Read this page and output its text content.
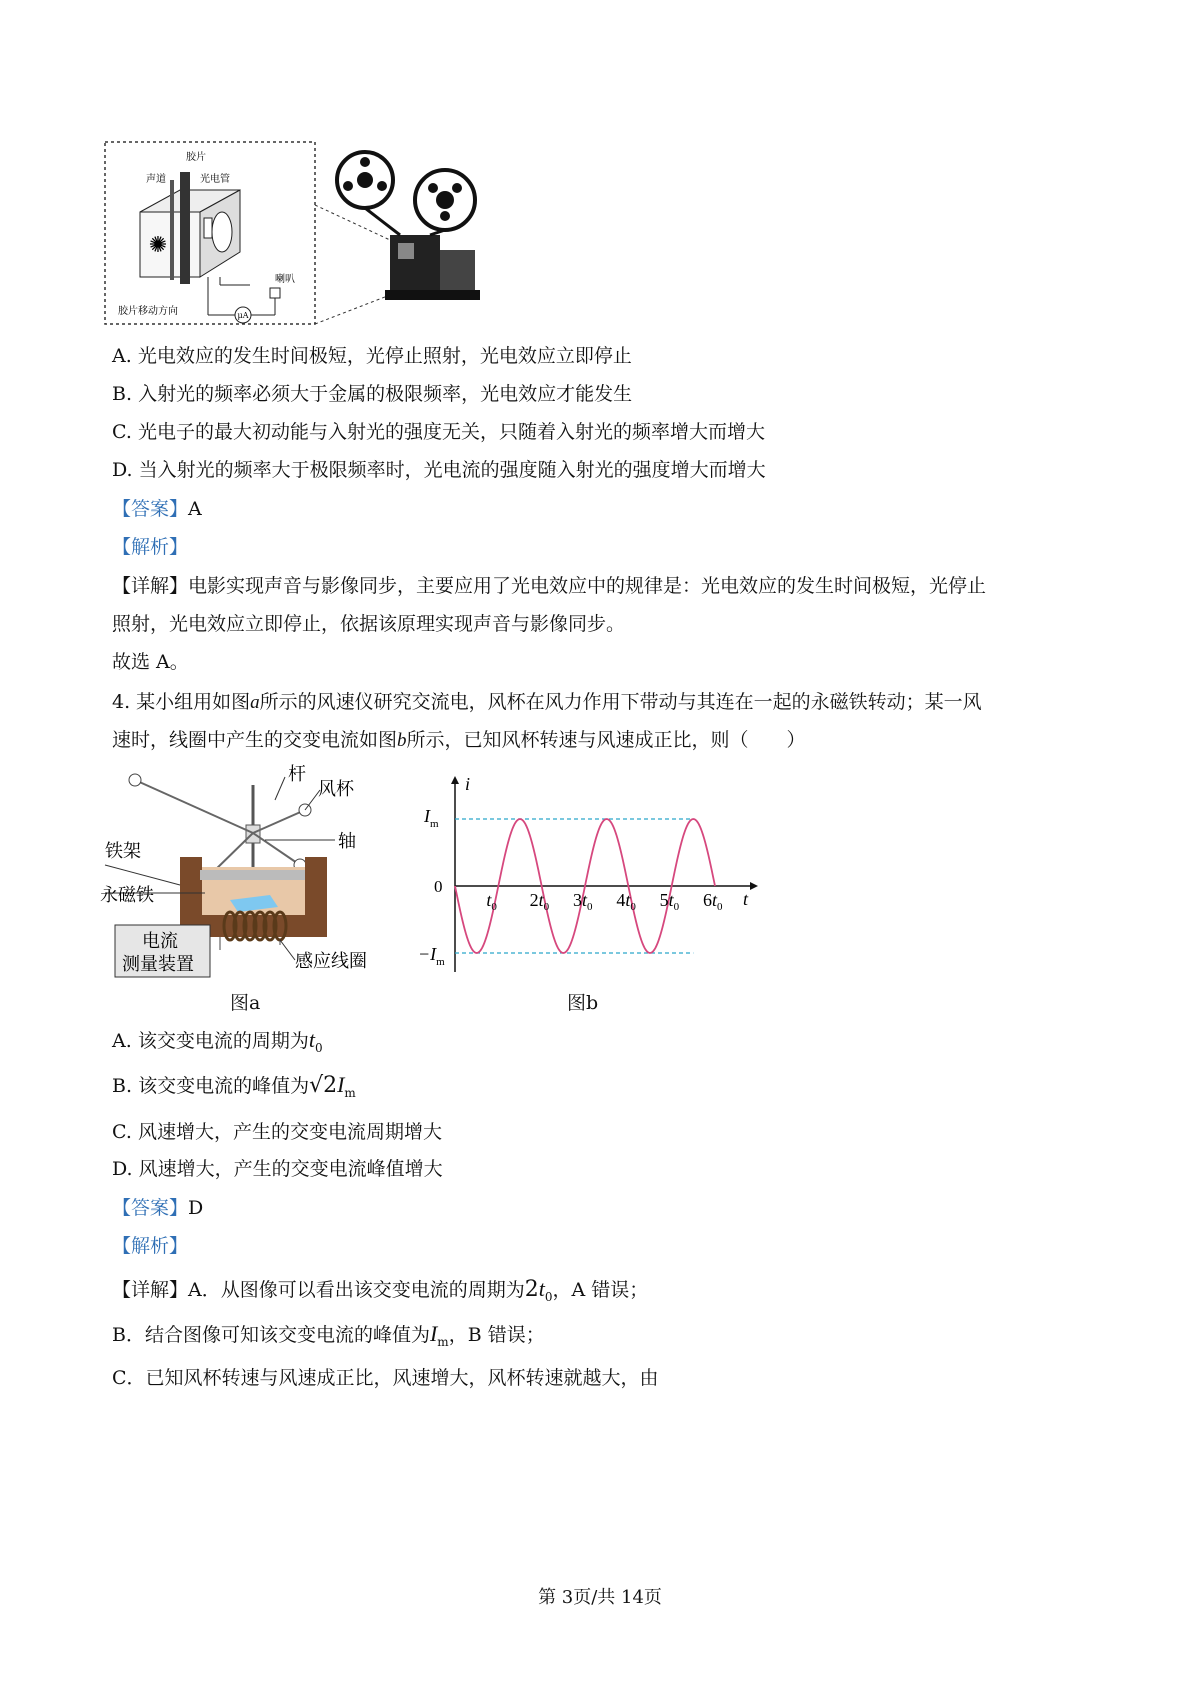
✺
声道
胶片
光电管
喇叭
μA
胶片移动方向
A. 光电效应的发生时间极短，光停止照射，光电效应立即停止
B. 入射光的频率必须大于金属的极限频率，光电效应才能发生
C. 光电子的最大初动能与入射光的强度无关，只随着入射光的频率增大而增大
D. 当入射光的频率大于极限频率时，光电流的强度随入射光的强度增大而增大
【答案】A
【解析】
【详解】电影实现声音与影像同步，主要应用了光电效应中的规律是：光电效应的发生时间极短，光停止
照射，光电效应立即停止，依据该原理实现声音与影像同步。
故选 A。
4. 某小组用如图a所示的风速仪研究交流电，风杯在风力作用下带动与其连在一起的永磁铁转动；某一风
速时，线圈中产生的交变电流如图b所示，已知风杯转速与风速成正比，则（　　）
杆
风杯
轴
铁架
永磁铁
电流
测量装置	感应线圈
图a
i
t
0
$I_m$
$-I_m$
$t_0$ $2t_0$ $3t_0$ $4t_0$ $5t_0$ $6t_0$
图b
A. 该交变电流的周期为$t_0$
B. 该交变电流的峰值为$√2I_m$
C. 风速增大，产生的交变电流周期增大
D. 风速增大，产生的交变电流峰值增大
【答案】D
【解析】
【详解】A．从图像可以看出该交变电流的周期为$2t_0$，A 错误；
B．结合图像可知该交变电流的峰值为$I_m$，B 错误；
C．已知风杯转速与风速成正比，风速增大，风杯转速就越大，由
第 3页/共 14页
